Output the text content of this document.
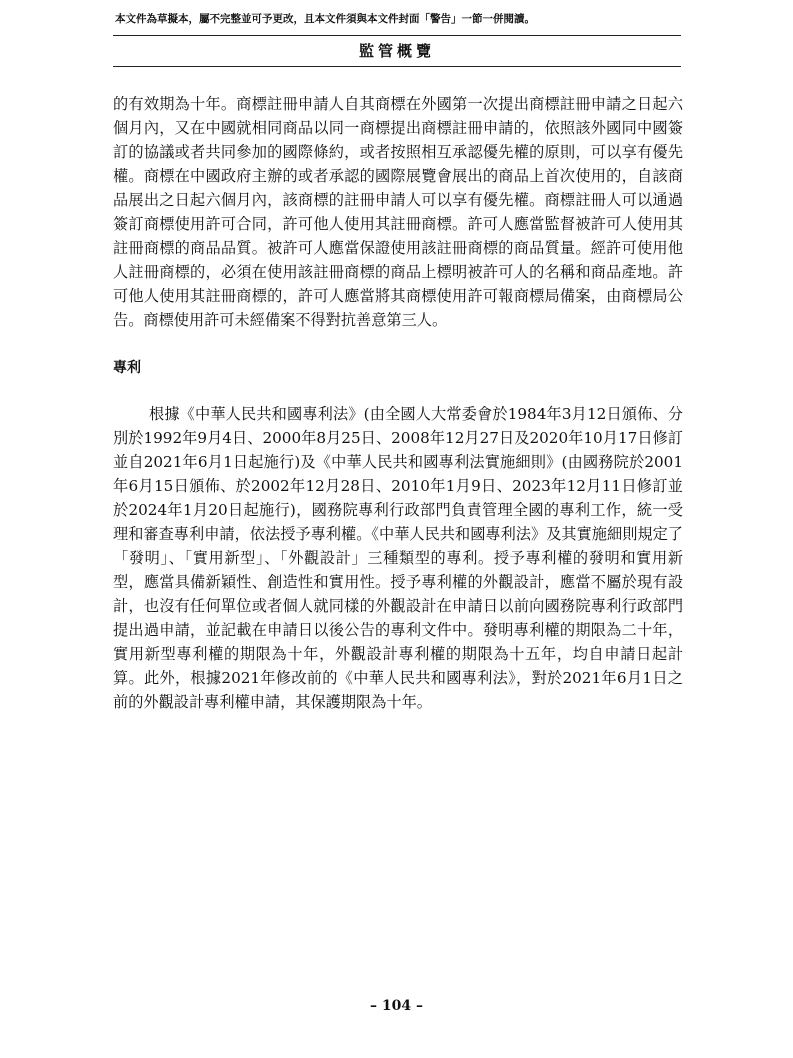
本文件為草擬本，屬不完整並可予更改，且本文件須與本文件封面「警告」一節一併閱讀。
監管概覽
的有效期為十年。商標註冊申請人自其商標在外國第一次提出商標註冊申請之日起六個月內，又在中國就相同商品以同一商標提出商標註冊申請的，依照該外國同中國簽訂的協議或者共同參加的國際條約，或者按照相互承認優先權的原則，可以享有優先權。商標在中國政府主辦的或者承認的國際展覽會展出的商品上首次使用的，自該商品展出之日起六個月內，該商標的註冊申請人可以享有優先權。商標註冊人可以通過簽訂商標使用許可合同，許可他人使用其註冊商標。許可人應當監督被許可人使用其註冊商標的商品品質。被許可人應當保證使用該註冊商標的商品質量。經許可使用他人註冊商標的，必須在使用該註冊商標的商品上標明被許可人的名稱和商品產地。許可他人使用其註冊商標的，許可人應當將其商標使用許可報商標局備案，由商標局公告。商標使用許可未經備案不得對抗善意第三人。
專利
根據《中華人民共和國專利法》(由全國人大常委會於1984年3月12日頒佈、分別於1992年9月4日、2000年8月25日、2008年12月27日及2020年10月17日修訂並自2021年6月1日起施行)及《中華人民共和國專利法實施細則》(由國務院於2001年6月15日頒佈、於2002年12月28日、2010年1月9日、2023年12月11日修訂並於2024年1月20日起施行)，國務院專利行政部門負責管理全國的專利工作，統一受理和審查專利申請，依法授予專利權。《中華人民共和國專利法》及其實施細則規定了「發明」、「實用新型」、「外觀設計」三種類型的專利。授予專利權的發明和實用新型，應當具備新穎性、創造性和實用性。授予專利權的外觀設計，應當不屬於現有設計，也沒有任何單位或者個人就同樣的外觀設計在申請日以前向國務院專利行政部門提出過申請，並記載在申請日以後公告的專利文件中。發明專利權的期限為二十年，實用新型專利權的期限為十年，外觀設計專利權的期限為十五年，均自申請日起計算。此外，根據2021年修改前的《中華人民共和國專利法》，對於2021年6月1日之前的外觀設計專利權申請，其保護期限為十年。
– 104 –
